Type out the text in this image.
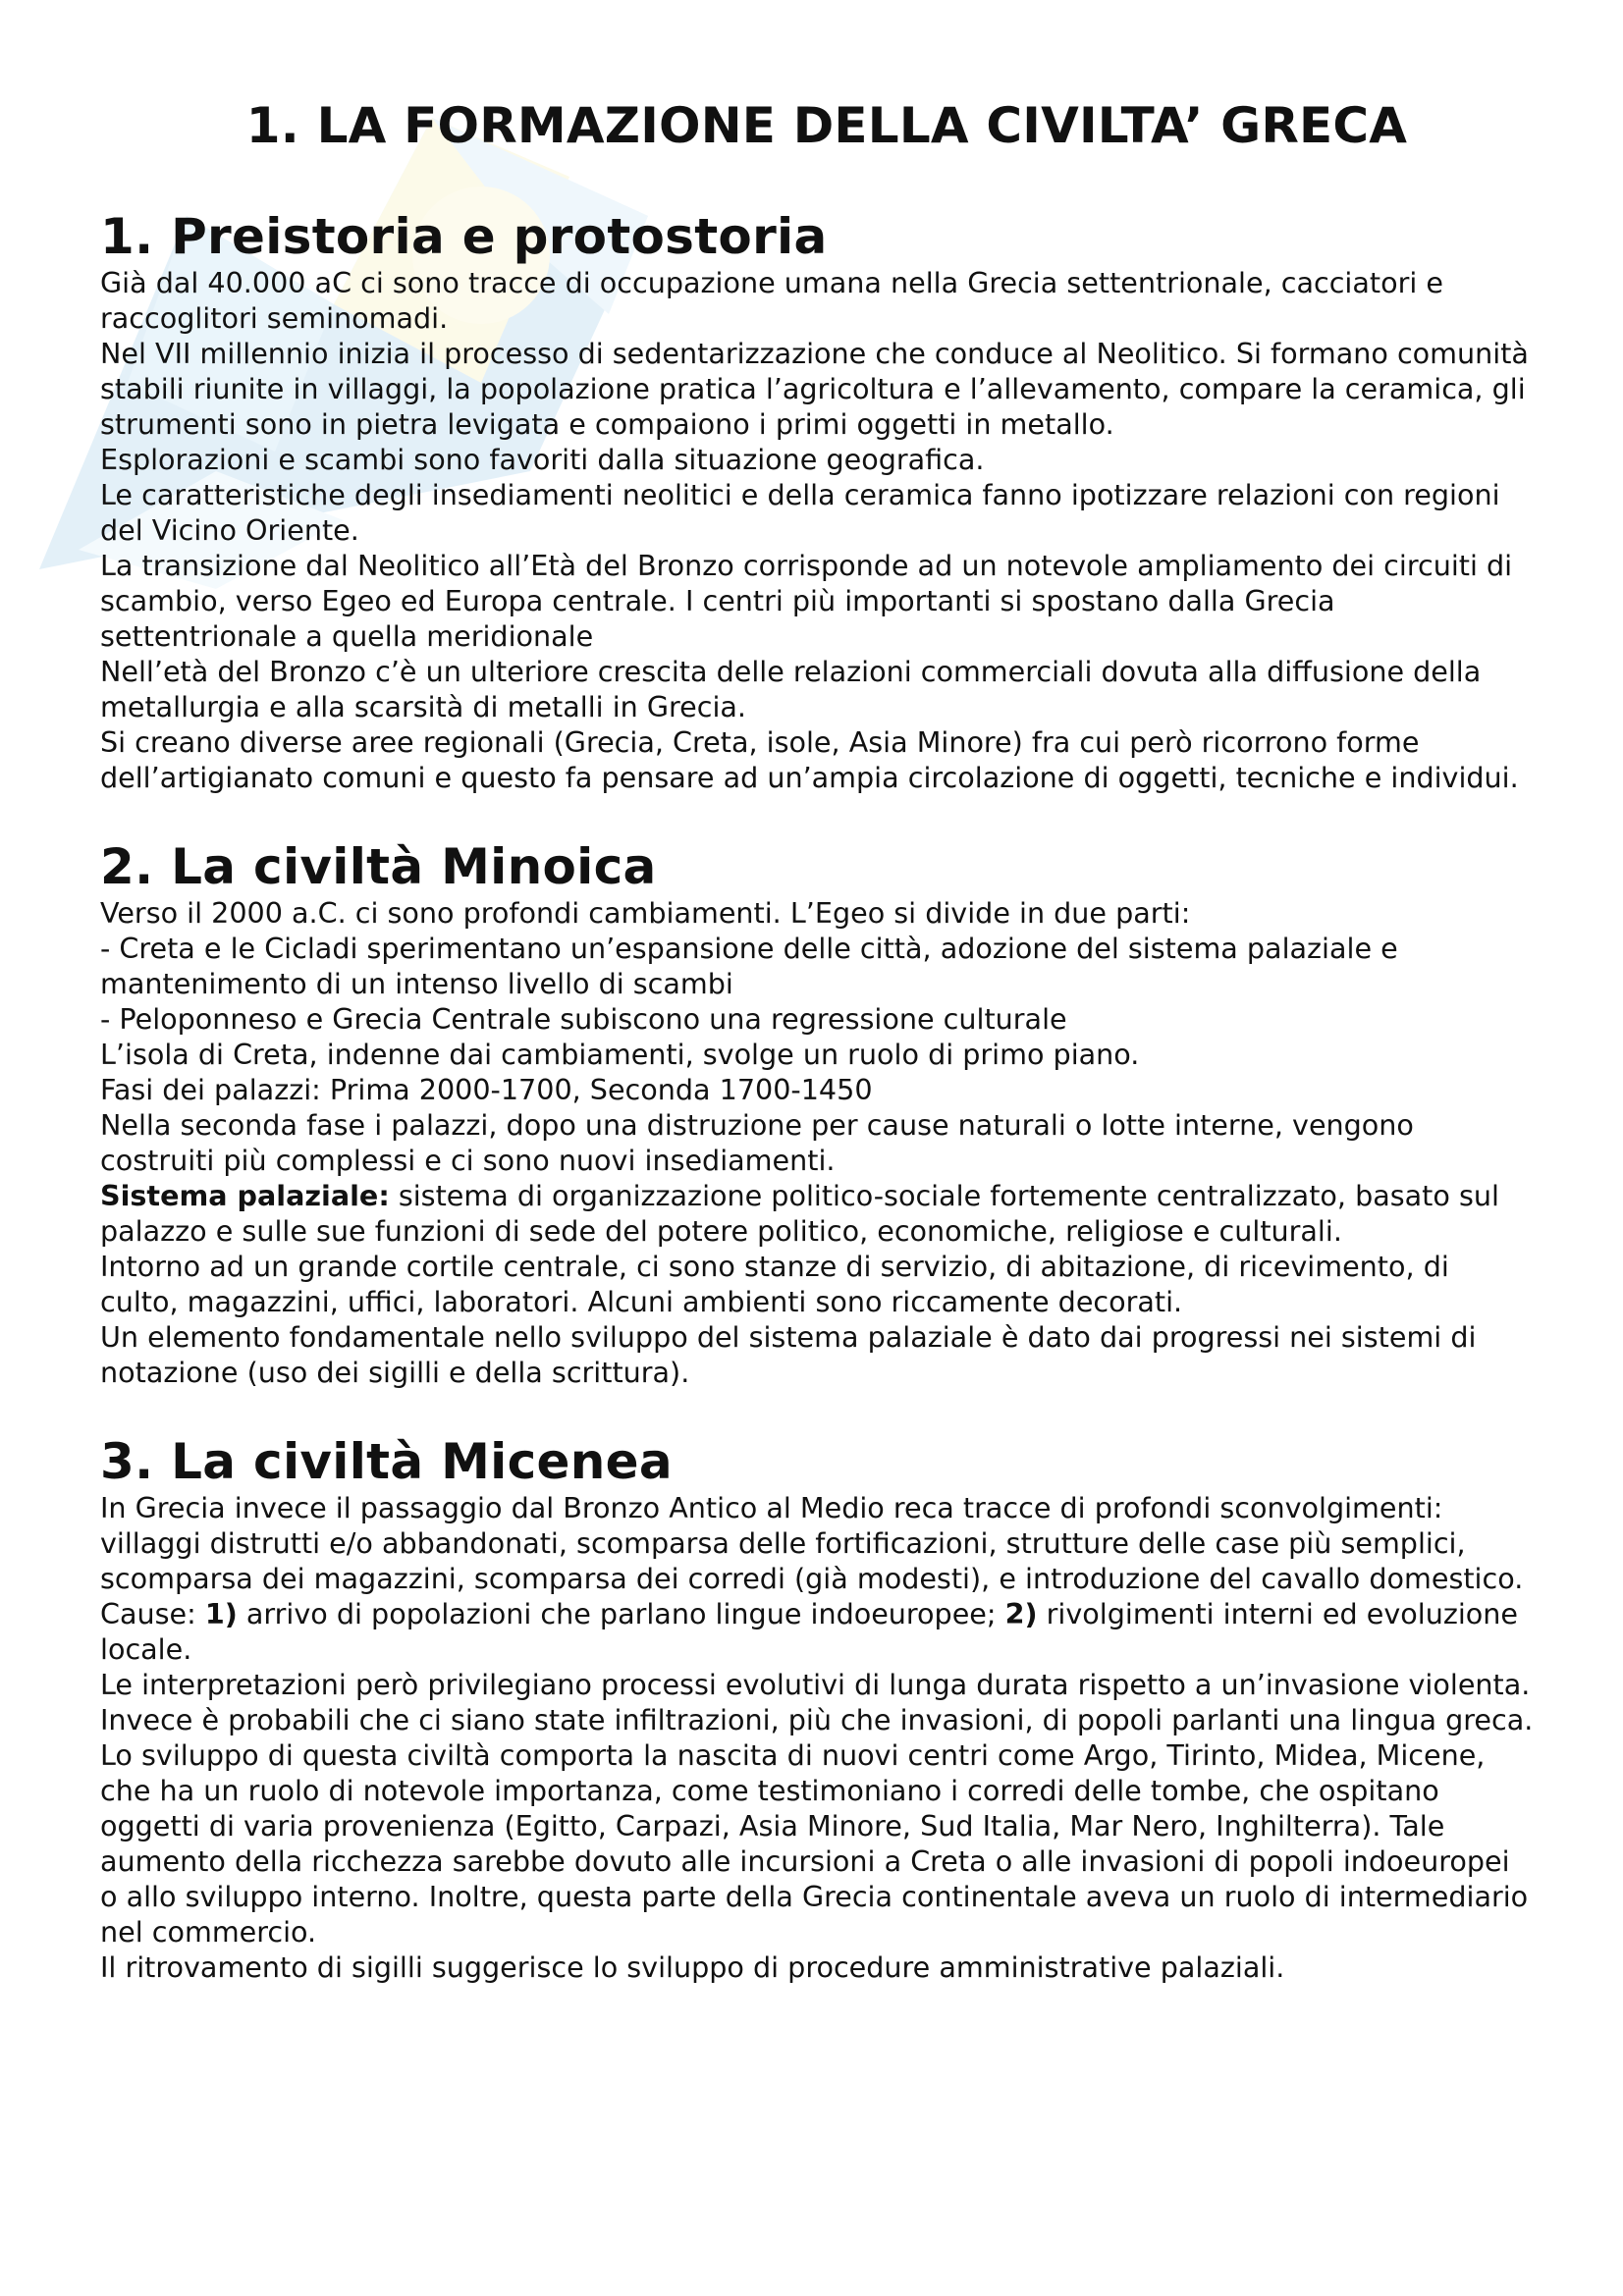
1. LA FORMAZIONE DELLA CIVILTA’ GRECA
1. Preistoria e protostoria

Già dal 40.000 aC ci sono tracce di occupazione umana nella Grecia settentrionale, cacciatori e raccoglitori seminomadi.

Nel VII millennio inizia il processo di sedentarizzazione che conduce al Neolitico. Si formano comunità stabili riunite in villaggi, la popolazione pratica l’agricoltura e l’allevamento, compare la ceramica, gli strumenti sono in pietra levigata e compaiono i primi oggetti in metallo.

Esplorazioni e scambi sono favoriti dalla situazione geografica.

Le caratteristiche degli insediamenti neolitici e della ceramica fanno ipotizzare relazioni con regioni del Vicino Oriente.

La transizione dal Neolitico all’Età del Bronzo corrisponde ad un notevole ampliamento dei circuiti di scambio, verso Egeo ed Europa centrale. I centri più importanti si spostano dalla Grecia settentrionale a quella meridionale

Nell’età del Bronzo c’è un ulteriore crescita delle relazioni commerciali dovuta alla diffusione della metallurgia e alla scarsità di metalli in Grecia.

Si creano diverse aree regionali (Grecia, Creta, isole, Asia Minore) fra cui però ricorrono forme dell’artigianato comuni e questo fa pensare ad un’ampia circolazione di oggetti, tecniche e individui.

2. La civiltà Minoica

Verso il 2000 a.C. ci sono profondi cambiamenti. L’Egeo si divide in due parti:

- Creta e le Cicladi sperimentano un’espansione delle città, adozione del sistema palaziale e mantenimento di un intenso livello di scambi

- Peloponneso e Grecia Centrale subiscono una regressione culturale

L’isola di Creta, indenne dai cambiamenti, svolge un ruolo di primo piano.

Fasi dei palazzi: Prima 2000-1700, Seconda 1700-1450

Nella seconda fase i palazzi, dopo una distruzione per cause naturali o lotte interne, vengono costruiti più complessi e ci sono nuovi insediamenti.

Sistema palaziale: sistema di organizzazione politico-sociale fortemente centralizzato, basato sul palazzo e sulle sue funzioni di sede del potere politico, economiche, religiose e culturali.

Intorno ad un grande cortile centrale, ci sono stanze di servizio, di abitazione, di ricevimento, di culto, magazzini, uffici, laboratori. Alcuni ambienti sono riccamente decorati.

Un elemento fondamentale nello sviluppo del sistema palaziale è dato dai progressi nei sistemi di notazione (uso dei sigilli e della scrittura).

3. La civiltà Micenea

In Grecia invece il passaggio dal Bronzo Antico al Medio reca tracce di profondi sconvolgimenti: villaggi distrutti e/o abbandonati, scomparsa delle fortificazioni, strutture delle case più semplici, scomparsa dei magazzini, scomparsa dei corredi (già modesti), e introduzione del cavallo domestico.

Cause: 1) arrivo di popolazioni che parlano lingue indoeuropee; 2) rivolgimenti interni ed evoluzione locale.

Le interpretazioni però privilegiano processi evolutivi di lunga durata rispetto a un’invasione violenta.

Invece è probabili che ci siano state infiltrazioni, più che invasioni, di popoli parlanti una lingua greca.

Lo sviluppo di questa civiltà comporta la nascita di nuovi centri come Argo, Tirinto, Midea, Micene, che ha un ruolo di notevole importanza, come testimoniano i corredi delle tombe, che ospitano oggetti di varia provenienza (Egitto, Carpazi, Asia Minore, Sud Italia, Mar Nero, Inghilterra). Tale aumento della ricchezza sarebbe dovuto alle incursioni a Creta o alle invasioni di popoli indoeuropei o allo sviluppo interno. Inoltre, questa parte della Grecia continentale aveva un ruolo di intermediario nel commercio.

Il ritrovamento di sigilli suggerisce lo sviluppo di procedure amministrative palaziali.
